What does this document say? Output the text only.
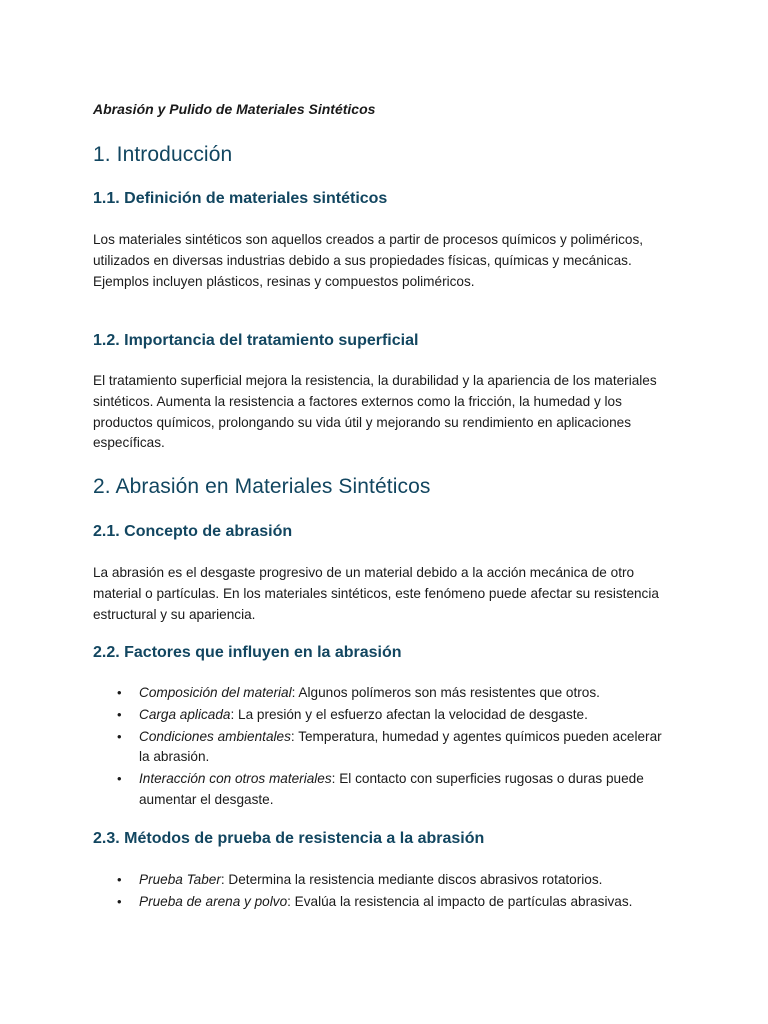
Abrasión y Pulido de Materiales Sintéticos

1. Introducción
1.1. Definición de materiales sintéticos

Los materiales sintéticos son aquellos creados a partir de procesos químicos y poliméricos, utilizados en diversas industrias debido a sus propiedades físicas, químicas y mecánicas. Ejemplos incluyen plásticos, resinas y compuestos poliméricos.

1.2. Importancia del tratamiento superficial

El tratamiento superficial mejora la resistencia, la durabilidad y la apariencia de los materiales sintéticos. Aumenta la resistencia a factores externos como la fricción, la humedad y los productos químicos, prolongando su vida útil y mejorando su rendimiento en aplicaciones específicas.

2. Abrasión en Materiales Sintéticos
2.1. Concepto de abrasión

La abrasión es el desgaste progresivo de un material debido a la acción mecánica de otro material o partículas. En los materiales sintéticos, este fenómeno puede afectar su resistencia estructural y su apariencia.

2.2. Factores que influyen en la abrasión
• Composición del material: Algunos polímeros son más resistentes que otros.
• Carga aplicada: La presión y el esfuerzo afectan la velocidad de desgaste.
• Condiciones ambientales: Temperatura, humedad y agentes químicos pueden acelerar la abrasión.
• Interacción con otros materiales: El contacto con superficies rugosas o duras puede aumentar el desgaste.
2.3. Métodos de prueba de resistencia a la abrasión
• Prueba Taber: Determina la resistencia mediante discos abrasivos rotatorios.
• Prueba de arena y polvo: Evalúa la resistencia al impacto de partículas abrasivas.
